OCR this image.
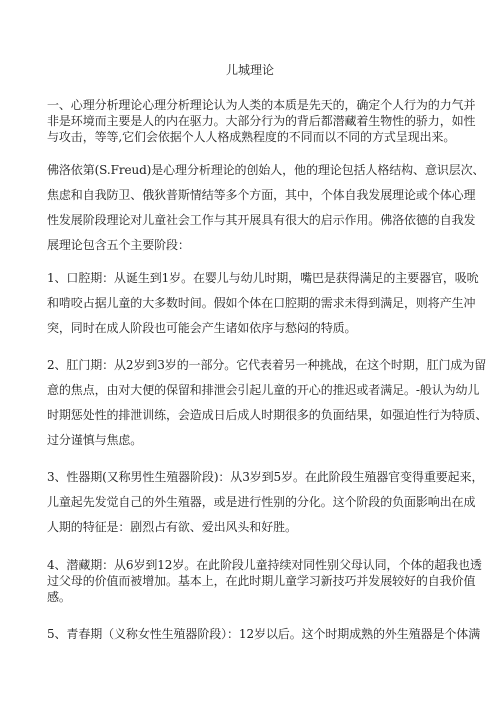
儿城理论
一、心理分析理论心理分析理论认为人类的本质是先天的，确定个人行为的力气并
非是环境而主要是人的内在驱力。大部分行为的背后都潜藏着生物性的骄力，如性
与攻击，等等,它们会依据个人人格成熟程度的不同而以不同的方式呈现出来。
佛洛依第(S.Freud)是心理分析理论的创始人，他的理论包括人格结构、意识层次、
焦虑和自我防卫、俄狄普斯情结等多个方面，其中，个体自我发展理论或个体心理
性发展阶段理论对儿童社会工作与其开展具有很大的启示作用。佛洛依德的自我发
展理论包含五个主要阶段：
1、口腔期：从诞生到1岁。在婴儿与幼儿时期，嘴巴是获得满足的主要器官，吸吮
和啃咬占据儿童的大多数时间。假如个体在口腔期的需求未得到满足，则将产生冲
突，同时在成人阶段也可能会产生诸如依序与愁闷的特质。
2、肛门期：从2岁到3岁的一部分。它代表着另一种挑战，在这个时期，肛门成为留
意的焦点，由对大便的保留和排泄会引起儿童的开心的推迟或者满足。-般认为幼儿
时期惩处性的排泄训练，会造成日后成人时期很多的负面结果，如强迫性行为特质、
过分谨慎与焦虑。
3、性器期(又称男性生殖器阶段)：从3岁到5岁。在此阶段生殖器官变得重要起来，
儿童起先发觉自己的外生殖器，或是进行性别的分化。这个阶段的负面影响出在成
人期的特征是：剧烈占有欲、爱出风头和好胜。
4、潜藏期：从6岁到12岁。在此阶段儿童持续对同性别父母认同，个体的超我也透
过父母的价值而被增加。基本上，在此时期儿童学习新技巧并发展较好的自我价值
感。
5、青春期（义称女性生殖器阶段）：12岁以后。这个时期成熟的外生殖器是个体满
